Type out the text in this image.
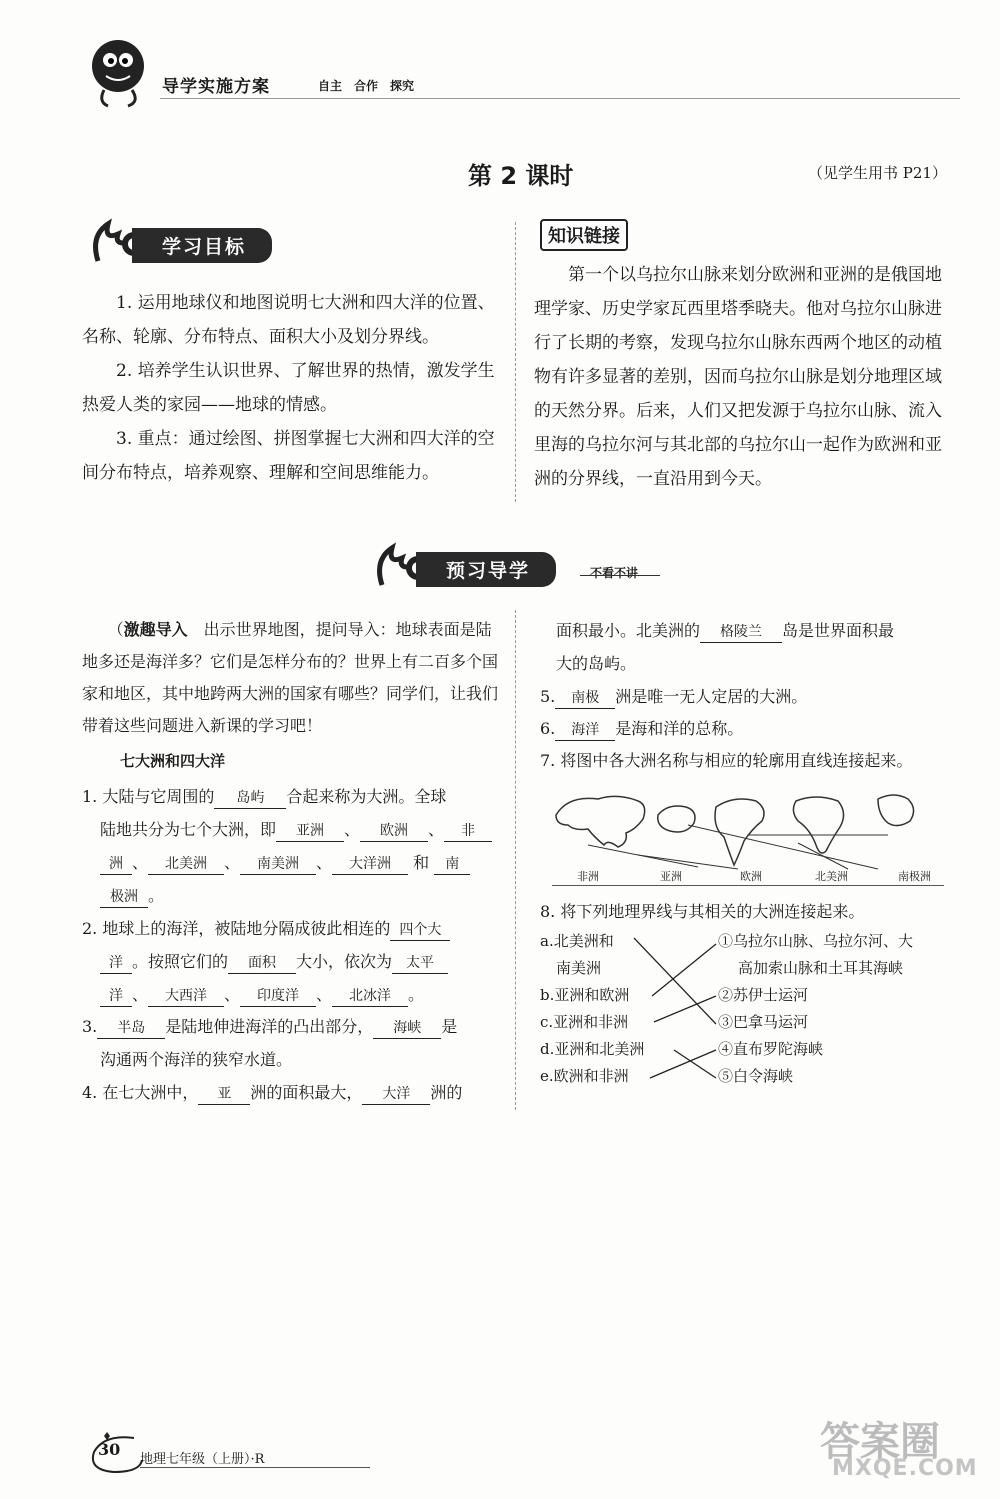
导学实施方案	自主　合作　探究
第 2 课时	（见学生用书 P21）
学习目标
1. 运用地球仪和地图说明七大洲和四大洋的位置、名称、轮廓、分布特点、面积大小及划分界线。
2. 培养学生认识世界、了解世界的热情，激发学生热爱人类的家园——地球的情感。
3. 重点：通过绘图、拼图掌握七大洲和四大洋的空间分布特点，培养观察、理解和空间思维能力。
知识链接
第一个以乌拉尔山脉来划分欧洲和亚洲的是俄国地理学家、历史学家瓦西里塔季晓夫。他对乌拉尔山脉进行了长期的考察，发现乌拉尔山脉东西两个地区的动植物有许多显著的差别，因而乌拉尔山脉是划分地理区域的天然分界。后来，人们又把发源于乌拉尔山脉、流入里海的乌拉尔河与其北部的乌拉尔山一起作为欧洲和亚洲的分界线，一直沿用到今天。
预习导学	不看不讲
（激趣导入　 出示世界地图，提问导入：地球表面是陆地多还是海洋多？它们是怎样分布的？世界上有二百多个国家和地区，其中地跨两大洲的国家有哪些？同学们，让我们带着这些问题进入新课的学习吧！
七大洲和四大洋
1. 大陆与它周围的 岛屿 合起来称为大洲。全球
陆地共分为七个大洲，即 亚洲 、 欧洲 、 非
洲 、 北美洲 、 南美洲 、 大洋洲 和 南
极洲 。
2. 地球上的海洋，被陆地分隔成彼此相连的 四个大
洋 。按照它们的 面积 大小，依次为 太平
洋 、 大西洋 、 印度洋 、 北冰洋 。
3. 半岛 是陆地伸进海洋的凸出部分， 海峡 是
沟通两个海洋的狭窄水道。
4. 在七大洲中， 亚 洲的面积最大， 大洋 洲的
面积最小。北美洲的 格陵兰 岛是世界面积最
大的岛屿。
5. 南极 洲是唯一无人定居的大洲。
6. 海洋 是海和洋的总称。
7. 将图中各大洲名称与相应的轮廓用直线连接起来。
非洲	亚洲	欧洲	北美洲	南极洲
8. 将下列地理界线与其相关的大洲连接起来。
a.北美洲和
南美洲
b.亚洲和欧洲
c.亚洲和非洲
d.亚洲和北美洲
e.欧洲和非洲
①乌拉尔山脉、乌拉尔河、大
高加索山脉和土耳其海峡
②苏伊士运河
③巴拿马运河
④直布罗陀海峡
⑤白令海峡
30
地理七年级（上册）·R	答案圈
MXQE.COM
